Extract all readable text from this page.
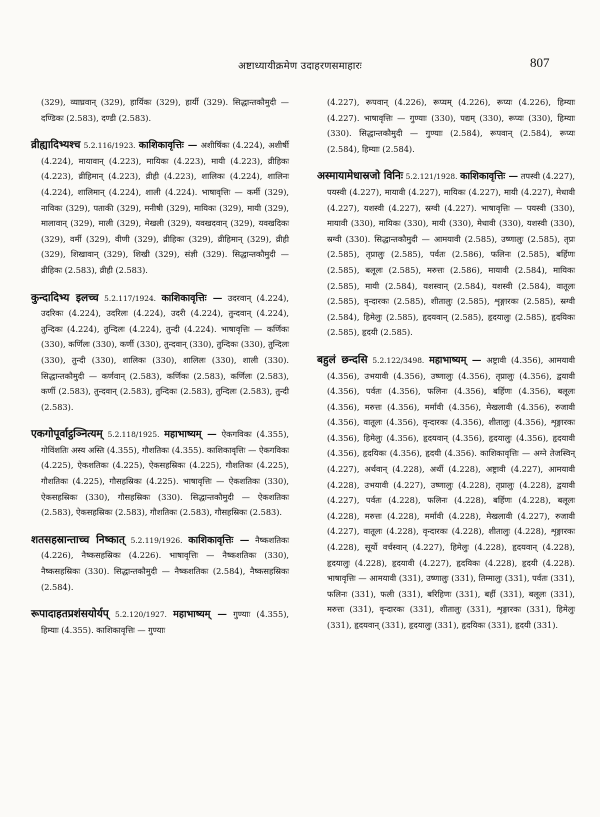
अष्टाध्यायीक्रमेण उदाहरणसमाहारः	807

(329), व्याघ्रवान् (329), हार्यिकः (329), हार्यी (329). सिद्धान्तकौमुदी — दण्डिकः (2.583), दण्डी (2.583).

व्रीह्यादिभ्यश्च 5.2.116/1923. काशिकावृत्तिः — अशीर्षिकः (4.224), अशीर्षी (4.224), मायावान् (4.223), मायिकः (4.223), मायी (4.223), व्रीहिकः (4.223), व्रीहिमान् (4.223), व्रीही (4.223), शालिकः (4.224), शालिनः (4.224), शालिमान् (4.224), शाली (4.224). भाषावृत्तिः — कर्मी (329), नाविकः (329), पताकी (329), मनीषी (329), मायिकः (329), मायी (329), मालावान् (329), माली (329), मेखली (329), यवखदवान् (329), यवखदिकः (329), वर्मी (329), वीणी (329), व्रीहिकः (329), व्रीहिमान् (329), व्रीही (329), शिखावान् (329), शिखी (329), संज्ञी (329). सिद्धान्तकौमुदी — व्रीहिकः (2.583), व्रीही (2.583).

कुन्दादिभ्य इलच्च 5.2.117/1924. काशिकावृत्तिः — उदरवान् (4.224), उदरिकः (4.224), उदरिलः (4.224), उदरी (4.224), तुन्दवान् (4.224), तुन्दिकः (4.224), तुन्दिलः (4.224), तुन्दी (4.224). भाषावृत्तिः — कर्णिकः (330), कर्णिलः (330), कर्णी (330), तुन्दवान् (330), तुन्दिकः (330), तुन्दिलः (330), तुन्दी (330), शालिकः (330), शालिलः (330), शाली (330). सिद्धान्तकौमुदी — कर्णवान् (2.583), कर्णिकः (2.583), कर्णिलः (2.583), कर्णी (2.583), तुन्दवान् (2.583), तुन्दिकः (2.583), तुन्दिलः (2.583), तुन्दी (2.583).

एकगोपूर्वाट्ठञ्नित्यम् 5.2.118/1925. महाभाष्यम् — ऐकगविकः (4.355), गोविंशतिः अस्य अस्ति (4.355), गौशतिकः (4.355). काशिकावृत्तिः — ऐकगविकः (4.225), ऐकशतिकः (4.225), ऐकसहस्रिकः (4.225), गौशतिकः (4.225), गौशतिकः (4.225), गौसहस्रिकः (4.225). भाषावृत्तिः — ऐकशतिकः (330), ऐकसहस्रिकः (330), गौसहस्रिकः (330). सिद्धान्तकौमुदी — ऐकशतिकः (2.583), ऐकसहस्रिकः (2.583), गौशतिकः (2.583), गौसहस्रिकः (2.583).

शतसहस्रान्ताच्च निष्कात् 5.2.119/1926. काशिकावृत्तिः — नैष्कशतिकः (4.226), नैष्कसहस्रिकः (4.226). भाषावृत्तिः — नैष्कशतिकः (330), नैष्कसहस्रिकः (330). सिद्धान्तकौमुदी — नैष्कशतिकः (2.584), नैष्कसहस्रिकः (2.584).

रूपादाहतप्रशंसयोर्यप् 5.2.120/1927. महाभाष्यम् — गुण्याः (4.355), हिम्याः (4.355). काशिकावृत्तिः — गुण्याः

(4.227), रूपवान् (4.226), रूप्यम् (4.226), रूप्यः (4.226), हिम्याः (4.227). भाषावृत्तिः — गुण्याः (330), पद्यम् (330), रूप्यः (330), हिम्याः (330). सिद्धान्तकौमुदी — गुण्याः (2.584), रूपवान् (2.584), रूप्यः (2.584), हिम्याः (2.584).

अस्मायामेधास्रजो विनिः 5.2.121/1928. काशिकावृत्तिः — तपस्वी (4.227), पयस्वी (4.227), मायावी (4.227), मायिकः (4.227), मायी (4.227), मेधावी (4.227), यशस्वी (4.227), स्रग्वी (4.227). भाषावृत्तिः — पयस्वी (330), मायावी (330), मायिकः (330), मायी (330), मेधावी (330), यशस्वी (330), स्रग्वी (330). सिद्धान्तकौमुदी — आमयावी (2.585), उष्णालुः (2.585), तृप्रः (2.585), तृप्रालुः (2.585), पर्वतः (2.586), फलिनः (2.585), बर्हिणः (2.585), बलूलः (2.585), मरुत्तः (2.586), मायावी (2.584), मायिकः (2.585), मायी (2.584), यशस्वान् (2.584), यशस्वी (2.584), वातूलः (2.585), वृन्दारकः (2.585), शीतालुः (2.585), शृङ्गारकः (2.585), स्रग्वी (2.584), हिमेलुः (2.585), हृदयवान् (2.585), हृदयालुः (2.585), हृदयिकः (2.585), हृदयी (2.585).

बहुलं छन्दसि 5.2.122/3498. महाभाष्यम् — अष्ट्रावी (4.356), आमयावी (4.356), उभयावी (4.356), उष्णालुः (4.356), तृप्रालुः (4.356), द्वयावी (4.356), पर्वतः (4.356), फलिनः (4.356), बर्हिणः (4.356), बलूलः (4.356), मरुत्तः (4.356), मर्मावी (4.356), मेखलावी (4.356), रुजावी (4.356), वातूलः (4.356), वृन्दारकः (4.356), शीतालुः (4.356), शृङ्गारकः (4.356), हिमेलुः (4.356), हृदयवान् (4.356), हृदयालुः (4.356), हृदयावी (4.356), हृदयिकः (4.356), हृदयी (4.356). काशिकावृत्तिः — अग्ने तेजस्विन् (4.227), अर्थवान् (4.228), अर्थी (4.228), अष्ट्रावी (4.227), आमयावी (4.228), उभयावी (4.227), उष्णालुः (4.228), तृप्रालुः (4.228), द्वयावी (4.227), पर्वतः (4.228), फलिनः (4.228), बर्हिणः (4.228), बलूलः (4.228), मरुत्तः (4.228), मर्मावी (4.228), मेखलावी (4.227), रुजावी (4.227), वातूलः (4.228), वृन्दारकः (4.228), शीतालुः (4.228), शृङ्गारकः (4.228), सूर्यो वर्चस्वान् (4.227), हिमेलुः (4.228), हृदयवान् (4.228), हृदयालुः (4.228), हृदयावी (4.227), हृदयिकः (4.228), हृदयी (4.228). भाषावृत्तिः — आमयावी (331), उष्णालुः (331), तिम्मालुः (331), पर्वतः (331), फलिनः (331), फली (331), बरिहिणः (331), बर्ही (331), बलूलः (331), मरुत्तः (331), वृन्दारकः (331), शीतालुः (331), शृङ्गारकः (331), हिमेलुः (331), हृदयवान् (331), हृदयालुः (331), हृदयिकः (331), हृदयी (331).
